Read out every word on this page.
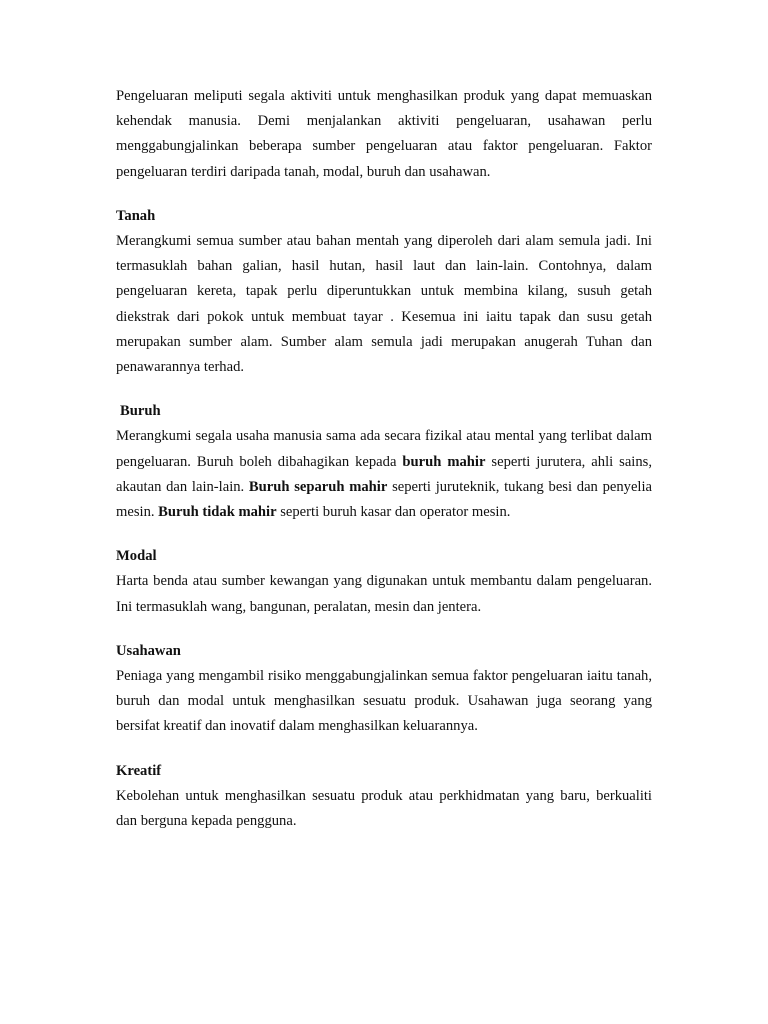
Pengeluaran meliputi segala aktiviti untuk menghasilkan produk yang dapat memuaskan kehendak manusia. Demi menjalankan aktiviti pengeluaran, usahawan perlu menggabungjalinkan beberapa sumber pengeluaran atau faktor pengeluaran. Faktor pengeluaran terdiri daripada tanah, modal, buruh dan usahawan.

Tanah

Merangkumi semua sumber atau bahan mentah yang diperoleh dari alam semula jadi. Ini termasuklah bahan galian, hasil hutan, hasil laut dan lain-lain. Contohnya, dalam pengeluaran kereta, tapak perlu diperuntukkan untuk membina kilang, susuh getah diekstrak dari pokok untuk membuat tayar . Kesemua ini iaitu tapak dan susu getah merupakan sumber alam. Sumber alam semula jadi merupakan anugerah Tuhan dan penawarannya terhad.

Buruh

Merangkumi segala usaha manusia sama ada secara fizikal atau mental yang terlibat dalam pengeluaran. Buruh boleh dibahagikan kepada buruh mahir seperti jurutera, ahli sains, akautan dan lain-lain. Buruh separuh mahir seperti juruteknik, tukang besi dan penyelia mesin. Buruh tidak mahir seperti buruh kasar dan operator mesin.

Modal

Harta benda atau sumber kewangan yang digunakan untuk membantu dalam pengeluaran. Ini termasuklah wang, bangunan, peralatan, mesin dan jentera.

Usahawan

Peniaga yang mengambil risiko menggabungjalinkan semua faktor pengeluaran iaitu tanah, buruh dan modal untuk menghasilkan sesuatu produk. Usahawan juga seorang yang bersifat kreatif dan inovatif dalam menghasilkan keluarannya.

Kreatif

Kebolehan untuk menghasilkan sesuatu produk atau perkhidmatan yang baru, berkualiti dan berguna kepada pengguna.
